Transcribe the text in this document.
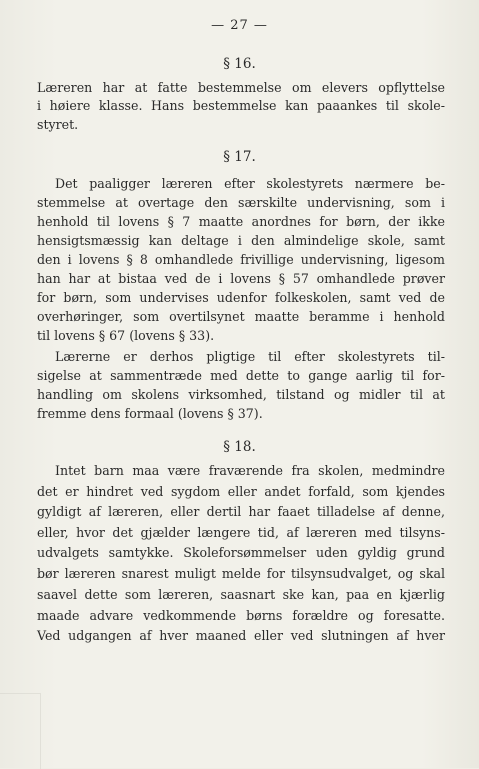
— 27 —
§ 16.
Læreren har at fatte bestemmelse om elevers opflyttelse
i høiere klasse. Hans bestemmelse kan paaankes til skole-
styret.
§ 17.
Det paaligger læreren efter skolestyrets nærmere be-
stemmelse at overtage den særskilte undervisning, som i
henhold til lovens § 7 maatte anordnes for børn, der ikke
hensigtsmæssig kan deltage i den almindelige skole, samt
den i lovens § 8 omhandlede frivillige undervisning, ligesom
han har at bistaa ved de i lovens § 57 omhandlede prøver
for børn, som undervises udenfor folkeskolen, samt ved de
overhøringer, som overtilsynet maatte beramme i henhold
til lovens § 67 (lovens § 33).
Lærerne er derhos pligtige til efter skolestyrets til-
sigelse at sammentræde med dette to gange aarlig til for-
handling om skolens virksomhed, tilstand og midler til at
fremme dens formaal (lovens § 37).
§ 18.
Intet barn maa være fraværende fra skolen, medmindre
det er hindret ved sygdom eller andet forfald, som kjendes
gyldigt af læreren, eller dertil har faaet tilladelse af denne,
eller, hvor det gjælder længere tid, af læreren med tilsyns-
udvalgets samtykke. Skoleforsømmelser uden gyldig grund
bør læreren snarest muligt melde for tilsynsudvalget, og skal
saavel dette som læreren, saasnart ske kan, paa en kjærlig
maade advare vedkommende børns forældre og foresatte.
Ved udgangen af hver maaned eller ved slutningen af hver
